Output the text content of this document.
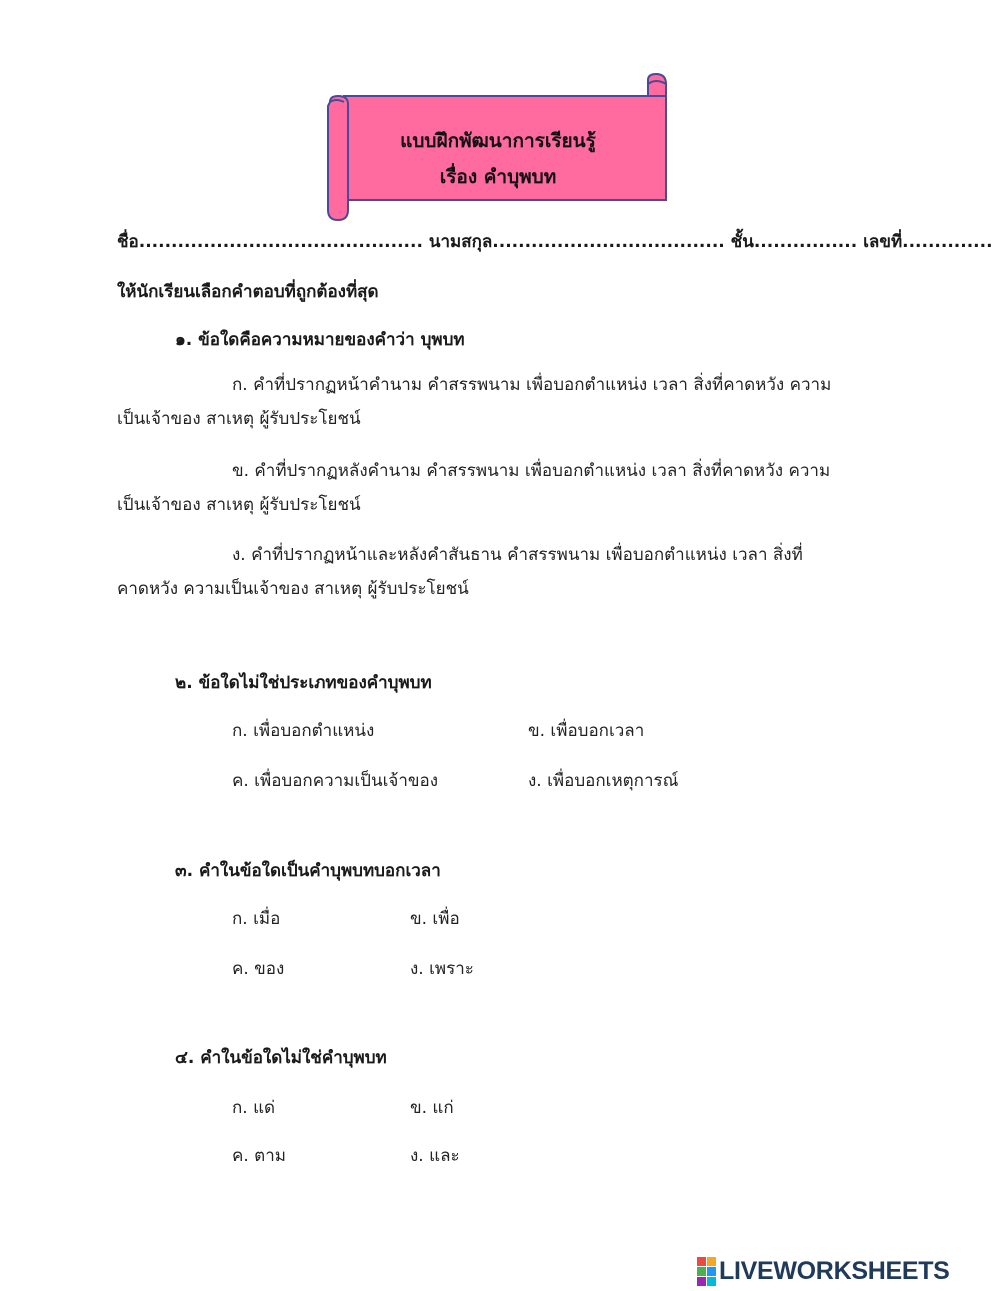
แบบฝึกพัฒนาการเรียนรู้
เรื่อง คำบุพบท
ชื่อ............................................ นามสกุล.................................... ชั้น................ เลขที่..............
ให้นักเรียนเลือกคำตอบที่ถูกต้องที่สุด
๑. ข้อใดคือความหมายของคำว่า บุพบท
ก. คำที่ปรากฏหน้าคำนาม คำสรรพนาม เพื่อบอกตำแหน่ง เวลา สิ่งที่คาดหวัง ความ
เป็นเจ้าของ สาเหตุ ผู้รับประโยชน์
ข. คำที่ปรากฏหลังคำนาม คำสรรพนาม เพื่อบอกตำแหน่ง เวลา สิ่งที่คาดหวัง ความ
เป็นเจ้าของ สาเหตุ ผู้รับประโยชน์
ง. คำที่ปรากฏหน้าและหลังคำสันธาน คำสรรพนาม เพื่อบอกตำแหน่ง เวลา สิ่งที่
คาดหวัง ความเป็นเจ้าของ สาเหตุ ผู้รับประโยชน์
๒. ข้อใดไม่ใช่ประเภทของคำบุพบท
ก. เพื่อบอกตำแหน่ง	ข. เพื่อบอกเวลา
ค. เพื่อบอกความเป็นเจ้าของ	ง. เพื่อบอกเหตุการณ์
๓. คำในข้อใดเป็นคำบุพบทบอกเวลา
ก. เมื่อ	ข. เพื่อ
ค. ของ	ง. เพราะ
๔. คำในข้อใดไม่ใช่คำบุพบท
ก. แด่	ข. แก่
ค. ตาม	ง. และ
LIVEWORKSHEETS
